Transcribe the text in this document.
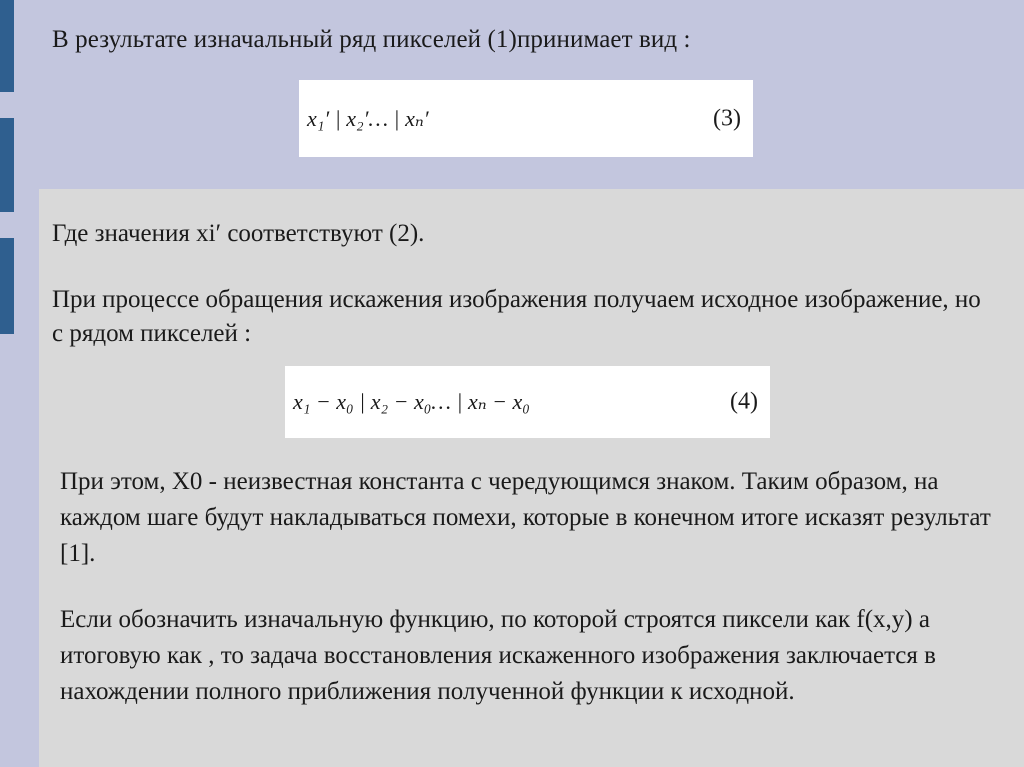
В результате изначальный ряд пикселей (1)принимает вид :
x₁′ | x₂′… | xₙ′	(3)
Где значения xi′ соответствуют (2).
При процессе обращения искажения изображения получаем исходное изображение, но с рядом пикселей :
x₁ − x₀ | x₂ − x₀… | xₙ − x₀	(4)
При этом, X0 - неизвестная константа с чередующимся знаком. Таким образом, на каждом шаге будут накладываться помехи, которые в конечном итоге исказят результат [1].
Если обозначить изначальную функцию, по которой строятся пиксели как f(x,y) а итоговую как , то задача восстановления искаженного изображения заключается в нахождении полного приближения полученной функции к исходной.
